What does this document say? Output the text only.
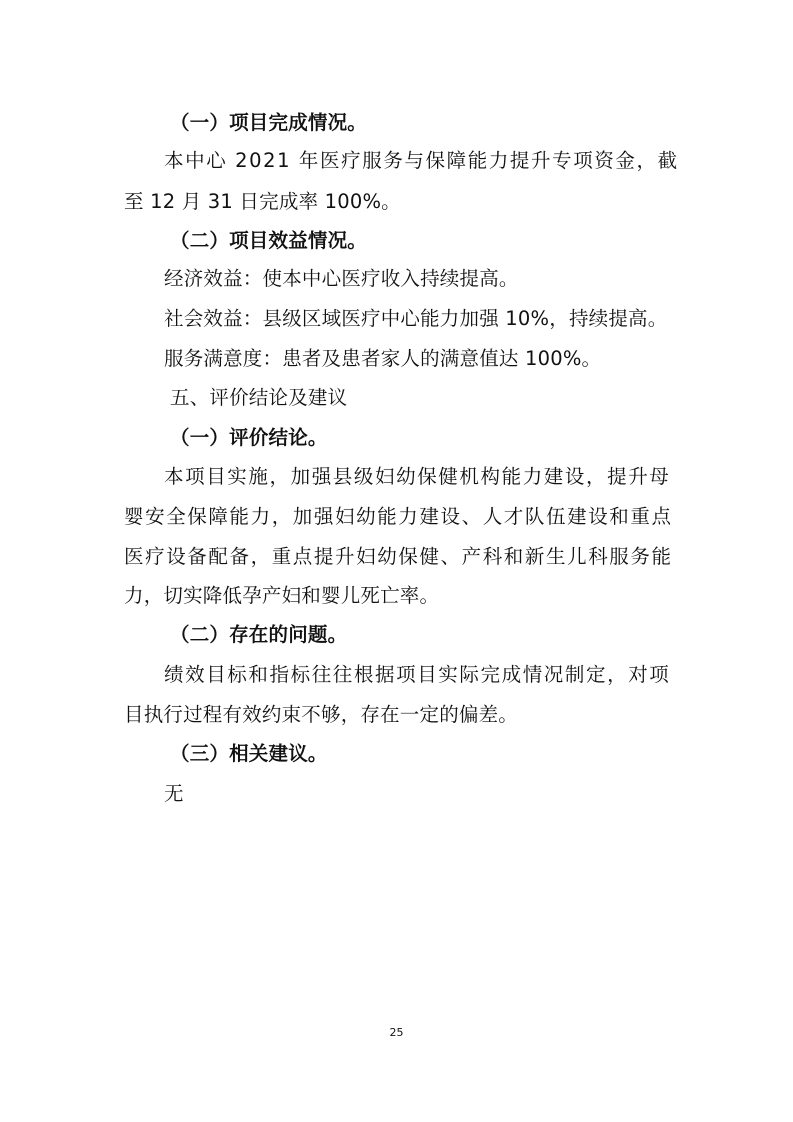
（一）项目完成情况。
本中心 2021 年医疗服务与保障能力提升专项资金，截
至 12 月 31 日完成率 100%。
（二）项目效益情况。
经济效益：使本中心医疗收入持续提高。
社会效益：县级区域医疗中心能力加强 10%，持续提高。
服务满意度：患者及患者家人的满意值达 100%。
五、评价结论及建议
（一）评价结论。
本项目实施，加强县级妇幼保健机构能力建设，提升母
婴安全保障能力，加强妇幼能力建设、人才队伍建设和重点
医疗设备配备，重点提升妇幼保健、产科和新生儿科服务能
力，切实降低孕产妇和婴儿死亡率。
（二）存在的问题。
绩效目标和指标往往根据项目实际完成情况制定，对项
目执行过程有效约束不够，存在一定的偏差。
（三）相关建议。
无
25
